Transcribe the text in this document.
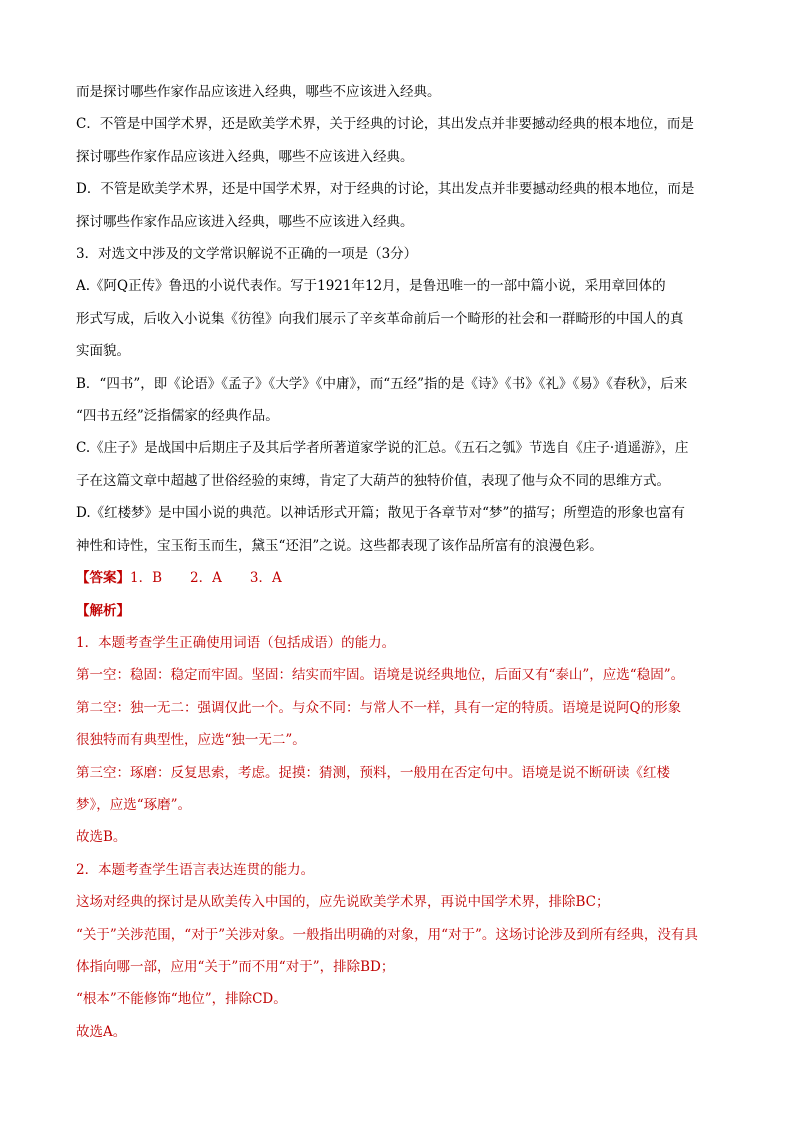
而是探讨哪些作家作品应该进入经典，哪些不应该进入经典。
C．不管是中国学术界，还是欧美学术界，关于经典的讨论，其出发点并非要撼动经典的根本地位，而是
探讨哪些作家作品应该进入经典，哪些不应该进入经典。
D．不管是欧美学术界，还是中国学术界，对于经典的讨论，其出发点并非要撼动经典的根本地位，而是
探讨哪些作家作品应该进入经典，哪些不应该进入经典。
3．对选文中涉及的文学常识解说不正确的一项是（3分）
A.《阿Q正传》鲁迅的小说代表作。写于1921年12月，是鲁迅唯一的一部中篇小说，采用章回体的
形式写成，后收入小说集《彷徨》向我们展示了辛亥革命前后一个畸形的社会和一群畸形的中国人的真
实面貌。
B．“四书”，即《论语》《孟子》《大学》《中庸》，而“五经”指的是《诗》《书》《礼》《易》《春秋》，后来
“四书五经”泛指儒家的经典作品。
C.《庄子》是战国中后期庄子及其后学者所著道家学说的汇总。《五石之瓠》节选自《庄子·逍遥游》，庄
子在这篇文章中超越了世俗经验的束缚，肯定了大葫芦的独特价值，表现了他与众不同的思维方式。
D.《红楼梦》是中国小说的典范。以神话形式开篇；散见于各章节对“梦”的描写；所塑造的形象也富有
神性和诗性，宝玉衔玉而生，黛玉“还泪”之说。这些都表现了该作品所富有的浪漫色彩。
【答案】1．B 2．A 3．A
【解析】
1．本题考查学生正确使用词语（包括成语）的能力。
第一空：稳固：稳定而牢固。坚固：结实而牢固。语境是说经典地位，后面又有“泰山”，应选“稳固”。
第二空：独一无二：强调仅此一个。与众不同：与常人不一样，具有一定的特质。语境是说阿Q的形象
很独特而有典型性，应选“独一无二”。
第三空：琢磨：反复思索，考虑。捉摸：猜测，预料，一般用在否定句中。语境是说不断研读《红楼
梦》，应选“琢磨”。
故选B。
2．本题考查学生语言表达连贯的能力。
这场对经典的探讨是从欧美传入中国的，应先说欧美学术界，再说中国学术界，排除BC；
“关于”关涉范围，“对于”关涉对象。一般指出明确的对象，用“对于”。这场讨论涉及到所有经典，没有具
体指向哪一部，应用“关于”而不用“对于”，排除BD；
“根本”不能修饰“地位”，排除CD。
故选A。
